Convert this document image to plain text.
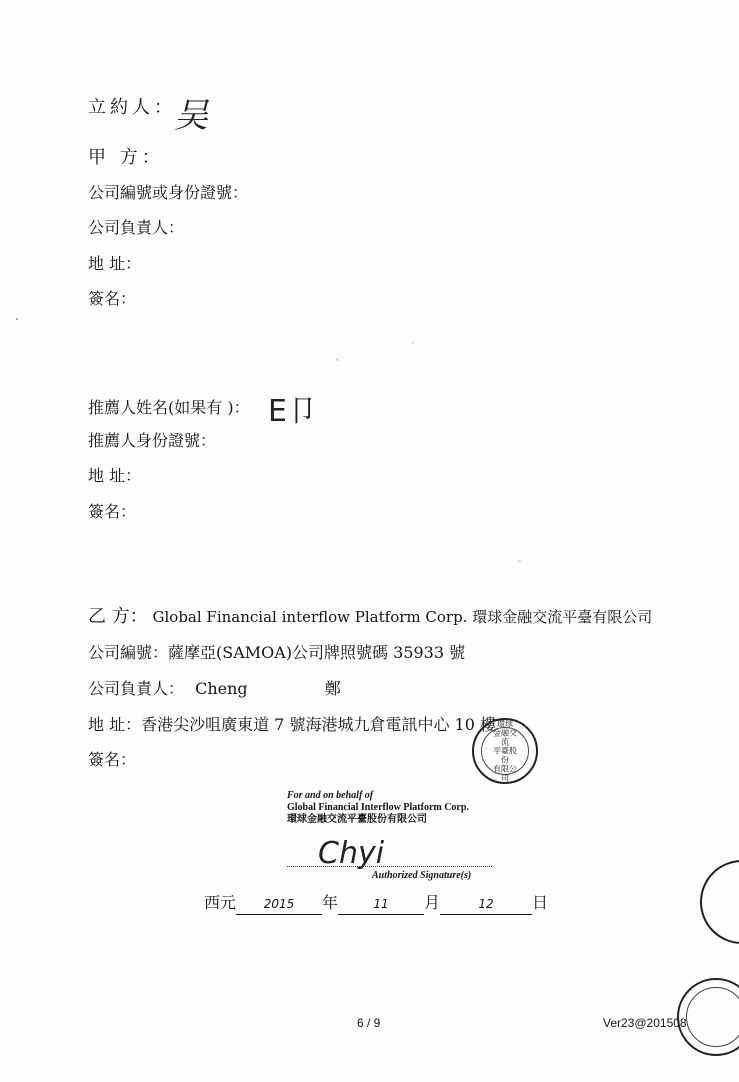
立約人：
吴
甲 方：
公司編號或身份證號：
公司負責人：
地 址：
簽名：
推薦人姓名(如果有 )： E卩
推薦人身份證號：
地 址：
簽名：
乙 方： Global Financial interflow Platform Corp. 環球金融交流平臺有限公司
公司編號：薩摩亞(SAMOA)公司牌照號碼 35933 號
公司負責人： Cheng	鄭
地 址：香港尖沙咀廣東道 7 號海港城九倉電訊中心 10 樓
簽名：
環球
金融交流
平臺股份
有限公司
For and on behalf of
Global Financial Interflow Platform Corp.
環球金融交流平臺股份有限公司
Chyi
Authorized Signature(s)
西元 2015 年	11 月	12 日
6 / 9	Ver23@201508
